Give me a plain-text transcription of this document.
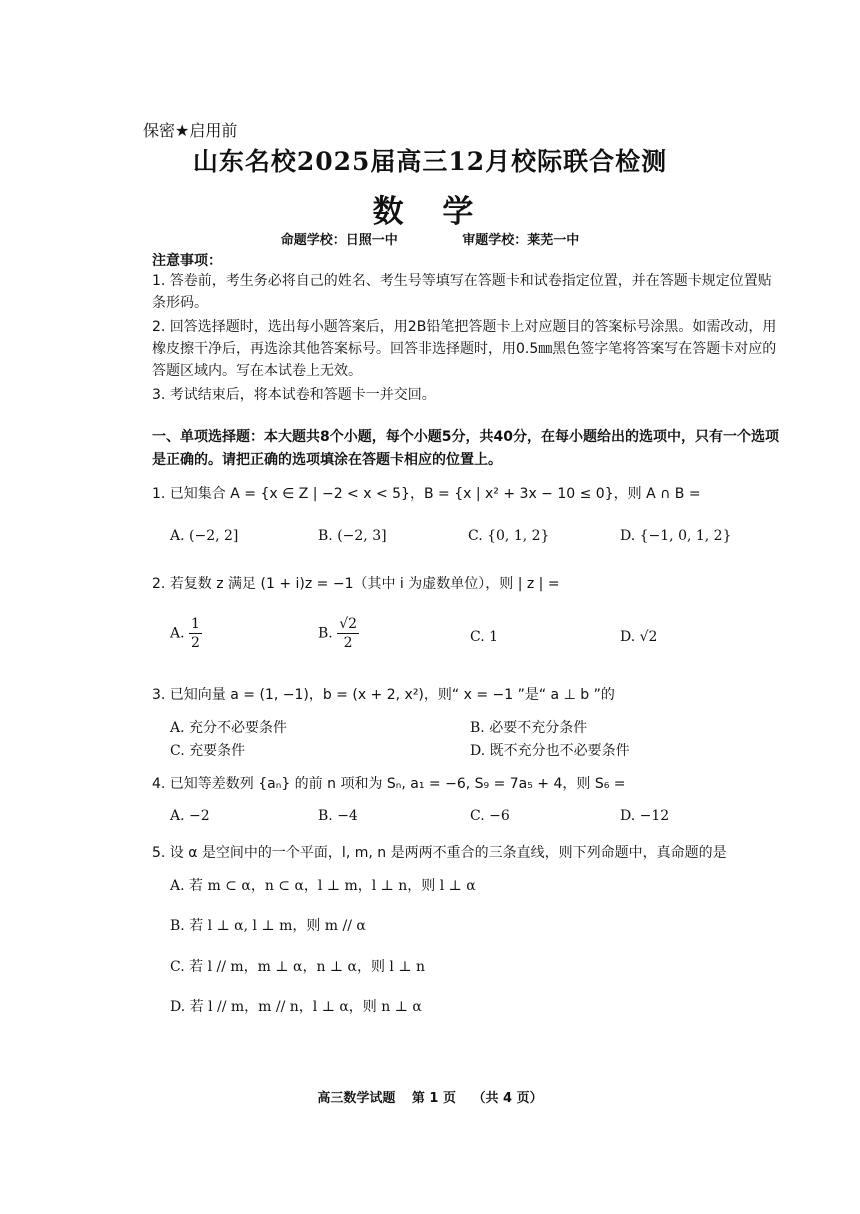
保密★启用前
山东名校2025届高三12月校际联合检测
数 学
命题学校：日照一中	审题学校：莱芜一中
注意事项：
1. 答卷前，考生务必将自己的姓名、考生号等填写在答题卡和试卷指定位置，并在答题卡规定位置贴条形码。
2. 回答选择题时，选出每小题答案后，用2B铅笔把答题卡上对应题目的答案标号涂黑。如需改动，用橡皮擦干净后，再选涂其他答案标号。回答非选择题时，用0.5㎜黑色签字笔将答案写在答题卡对应的答题区域内。写在本试卷上无效。
3. 考试结束后，将本试卷和答题卡一并交回。
一、单项选择题：本大题共8个小题，每个小题5分，共40分，在每小题给出的选项中，只有一个选项是正确的。请把正确的选项填涂在答题卡相应的位置上。
1. 已知集合 A = {x ∈ Z | −2 < x < 5}，B = {x | x² + 3x − 10 ≤ 0}，则 A ∩ B =
A. (−2, 2]	B. (−2, 3]	C. {0, 1, 2}	D. {−1, 0, 1, 2}
2. 若复数 z 满足 (1 + i)z = −1（其中 i 为虚数单位），则 | z | =
A. $\frac{1}{2}$	B. $\frac{√2}{2}$	C. 1	D. √2
3. 已知向量 a = (1, −1)，b = (x + 2, x²)，则“ x = −1 ”是“ a ⊥ b ”的
A. 充分不必要条件	B. 必要不充分条件
C. 充要条件	D. 既不充分也不必要条件
4. 已知等差数列 {aₙ} 的前 n 项和为 Sₙ, a₁ = −6, S₉ = 7a₅ + 4，则 S₆ =
A. −2	B. −4	C. −6	D. −12
5. 设 α 是空间中的一个平面，l, m, n 是两两不重合的三条直线，则下列命题中，真命题的是
A. 若 m ⊂ α，n ⊂ α，l ⊥ m，l ⊥ n，则 l ⊥ α
B. 若 l ⊥ α, l ⊥ m，则 m // α
C. 若 l // m，m ⊥ α，n ⊥ α，则 l ⊥ n
D. 若 l // m，m // n，l ⊥ α，则 n ⊥ α
高三数学试题 第 1 页 （共 4 页）
